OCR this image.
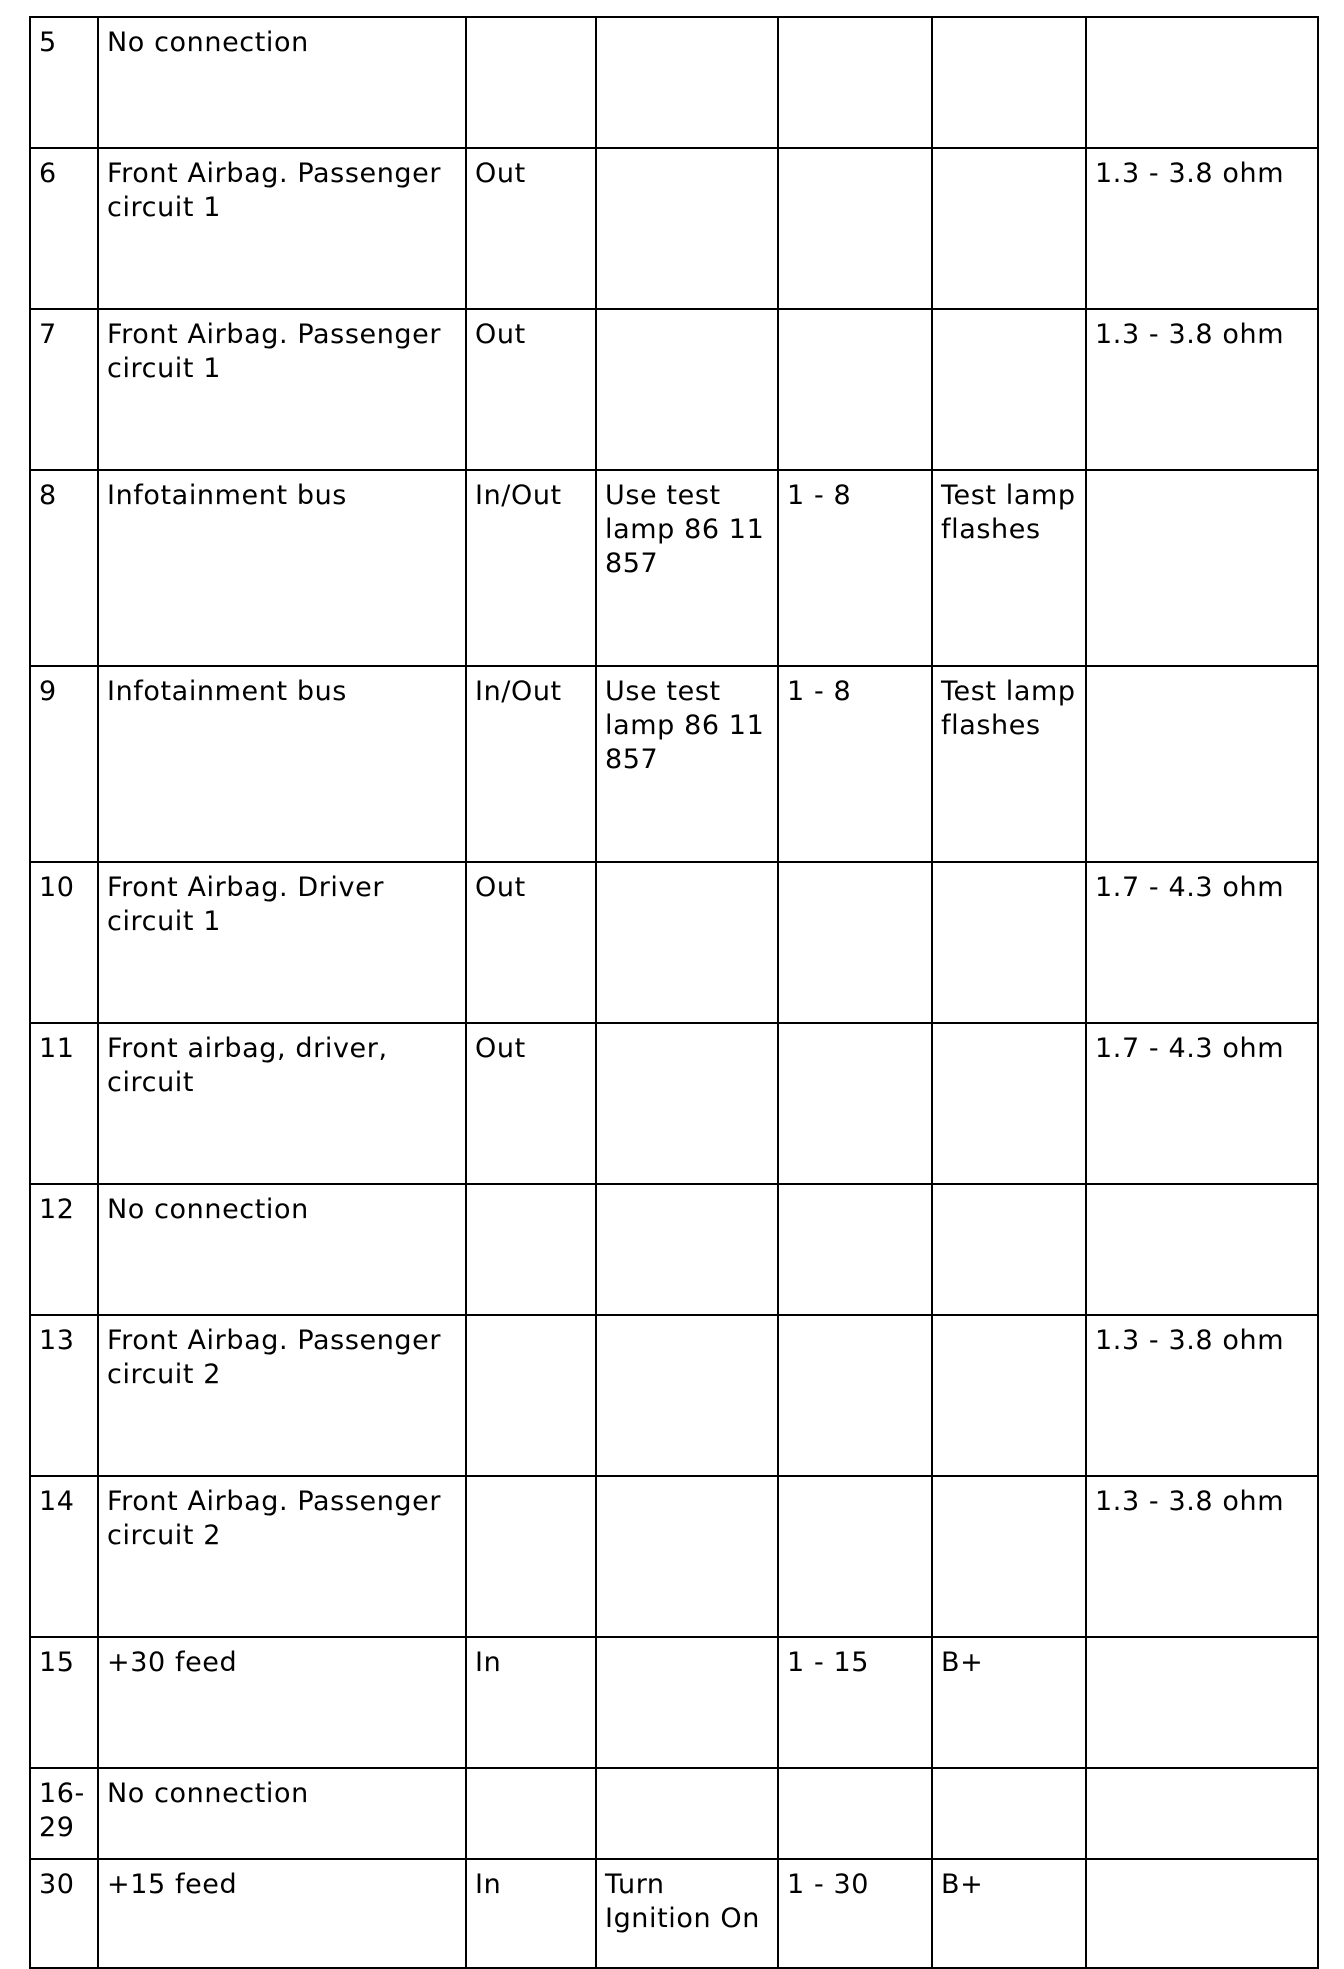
5	No connection					
6	Front Airbag. Passenger circuit 1	Out				1.3 - 3.8 ohm
7	Front Airbag. Passenger circuit 1	Out				1.3 - 3.8 ohm
8	Infotainment bus	In/Out	Use test lamp 86 11 857	1 - 8	Test lamp flashes	
9	Infotainment bus	In/Out	Use test lamp 86 11 857	1 - 8	Test lamp flashes	
10	Front Airbag. Driver circuit 1	Out				1.7 - 4.3 ohm
11	Front airbag, driver, circuit	Out				1.7 - 4.3 ohm
12	No connection					
13	Front Airbag. Passenger circuit 2					1.3 - 3.8 ohm
14	Front Airbag. Passenger circuit 2					1.3 - 3.8 ohm
15	+30 feed	In		1 - 15	B+	
16-29	No connection					
30	+15 feed	In	Turn Ignition On	1 - 30	B+	
